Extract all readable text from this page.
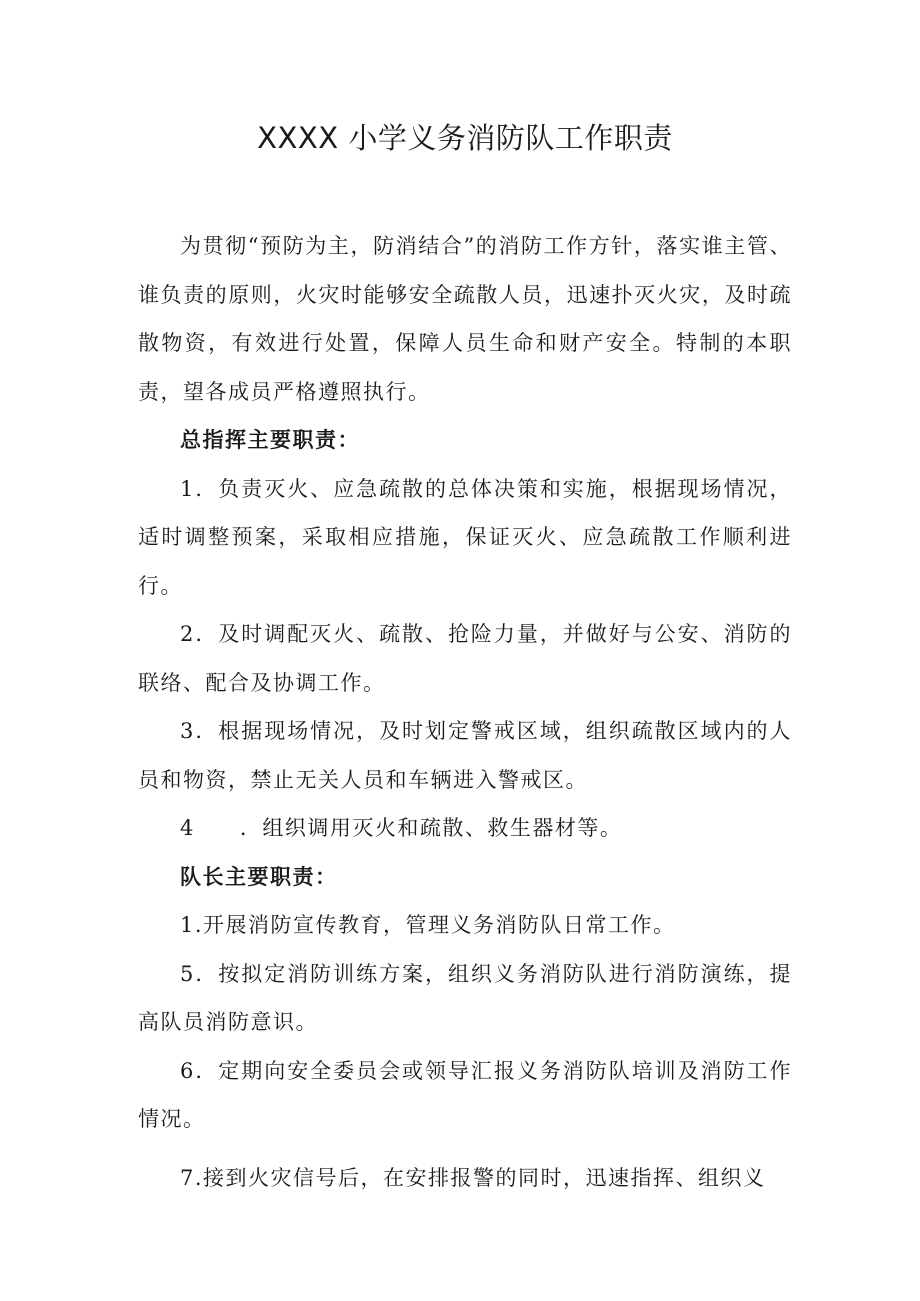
XXXX 小学义务消防队工作职责

为贯彻“预防为主，防消结合”的消防工作方针，落实谁主管、谁负责的原则，火灾时能够安全疏散人员，迅速扑灭火灾，及时疏散物资，有效进行处置，保障人员生命和财产安全。特制的本职责，望各成员严格遵照执行。

总指挥主要职责：

1．负责灭火、应急疏散的总体决策和实施，根据现场情况，适时调整预案，采取相应措施，保证灭火、应急疏散工作顺利进行。

2．及时调配灭火、疏散、抢险力量，并做好与公安、消防的联络、配合及协调工作。

3．根据现场情况，及时划定警戒区域，组织疏散区域内的人员和物资，禁止无关人员和车辆进入警戒区。

4　　．组织调用灭火和疏散、救生器材等。

队长主要职责：

1.开展消防宣传教育，管理义务消防队日常工作。

5．按拟定消防训练方案，组织义务消防队进行消防演练，提高队员消防意识。

6．定期向安全委员会或领导汇报义务消防队培训及消防工作情况。

7.接到火灾信号后，在安排报警的同时，迅速指挥、组织义
